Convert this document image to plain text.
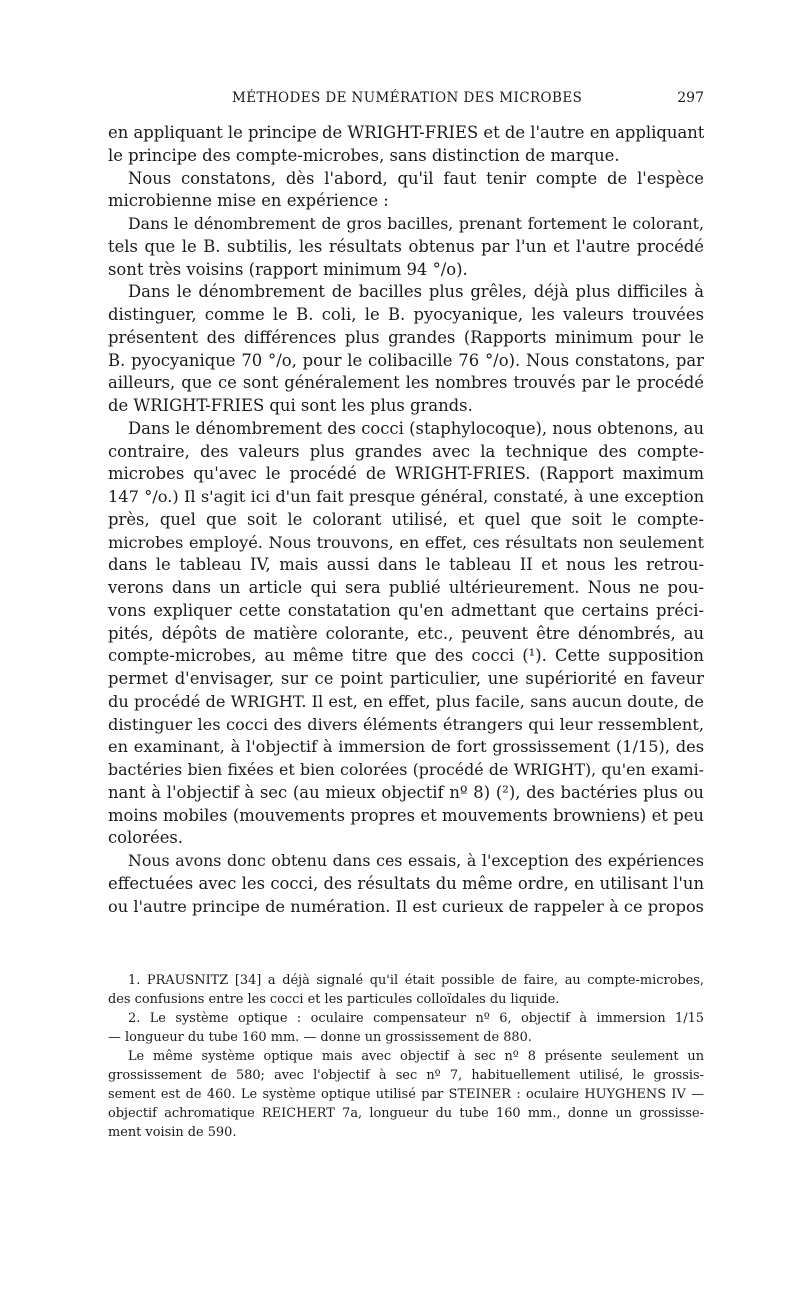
MÉTHODES DE NUMÉRATION DES MICROBES	297
en appliquant le principe de WRIGHT-FRIES et de l'autre en appliquant
le principe des compte-microbes, sans distinction de marque.
Nous constatons, dès l'abord, qu'il faut tenir compte de l'espèce
microbienne mise en expérience :
Dans le dénombrement de gros bacilles, prenant fortement le colorant,
tels que le B. subtilis, les résultats obtenus par l'un et l'autre procédé
sont très voisins (rapport minimum 94 °/o).
Dans le dénombrement de bacilles plus grêles, déjà plus difficiles à
distinguer, comme le B. coli, le B. pyocyanique, les valeurs trouvées
présentent des différences plus grandes (Rapports minimum pour le
B. pyocyanique 70 °/o, pour le colibacille 76 °/o). Nous constatons, par
ailleurs, que ce sont généralement les nombres trouvés par le procédé
de WRIGHT-FRIES qui sont les plus grands.
Dans le dénombrement des cocci (staphylocoque), nous obtenons, au
contraire, des valeurs plus grandes avec la technique des compte-
microbes qu'avec le procédé de WRIGHT-FRIES. (Rapport maximum
147 °/o.) Il s'agit ici d'un fait presque général, constaté, à une exception
près, quel que soit le colorant utilisé, et quel que soit le compte-
microbes employé. Nous trouvons, en effet, ces résultats non seulement
dans le tableau IV, mais aussi dans le tableau II et nous les retrou-
verons dans un article qui sera publié ultérieurement. Nous ne pou-
vons expliquer cette constatation qu'en admettant que certains préci-
pités, dépôts de matière colorante, etc., peuvent être dénombrés, au
compte-microbes, au même titre que des cocci (¹). Cette supposition
permet d'envisager, sur ce point particulier, une supériorité en faveur
du procédé de WRIGHT. Il est, en effet, plus facile, sans aucun doute, de
distinguer les cocci des divers éléments étrangers qui leur ressemblent,
en examinant, à l'objectif à immersion de fort grossissement (1/15), des
bactéries bien fixées et bien colorées (procédé de WRIGHT), qu'en exami-
nant à l'objectif à sec (au mieux objectif nº 8) (²), des bactéries plus ou
moins mobiles (mouvements propres et mouvements browniens) et peu
colorées.
Nous avons donc obtenu dans ces essais, à l'exception des expériences
effectuées avec les cocci, des résultats du même ordre, en utilisant l'un
ou l'autre principe de numération. Il est curieux de rappeler à ce propos
1. PRAUSNITZ [34] a déjà signalé qu'il était possible de faire, au compte-microbes,
des confusions entre les cocci et les particules colloïdales du liquide.
2. Le système optique : oculaire compensateur nº 6, objectif à immersion 1/15
— longueur du tube 160 mm. — donne un grossissement de 880.
Le même système optique mais avec objectif à sec nº 8 présente seulement un
grossissement de 580; avec l'objectif à sec nº 7, habituellement utilisé, le grossis-
sement est de 460. Le système optique utilisé par STEINER : oculaire HUYGHENS IV —
objectif achromatique REICHERT 7a, longueur du tube 160 mm., donne un grossisse-
ment voisin de 590.
